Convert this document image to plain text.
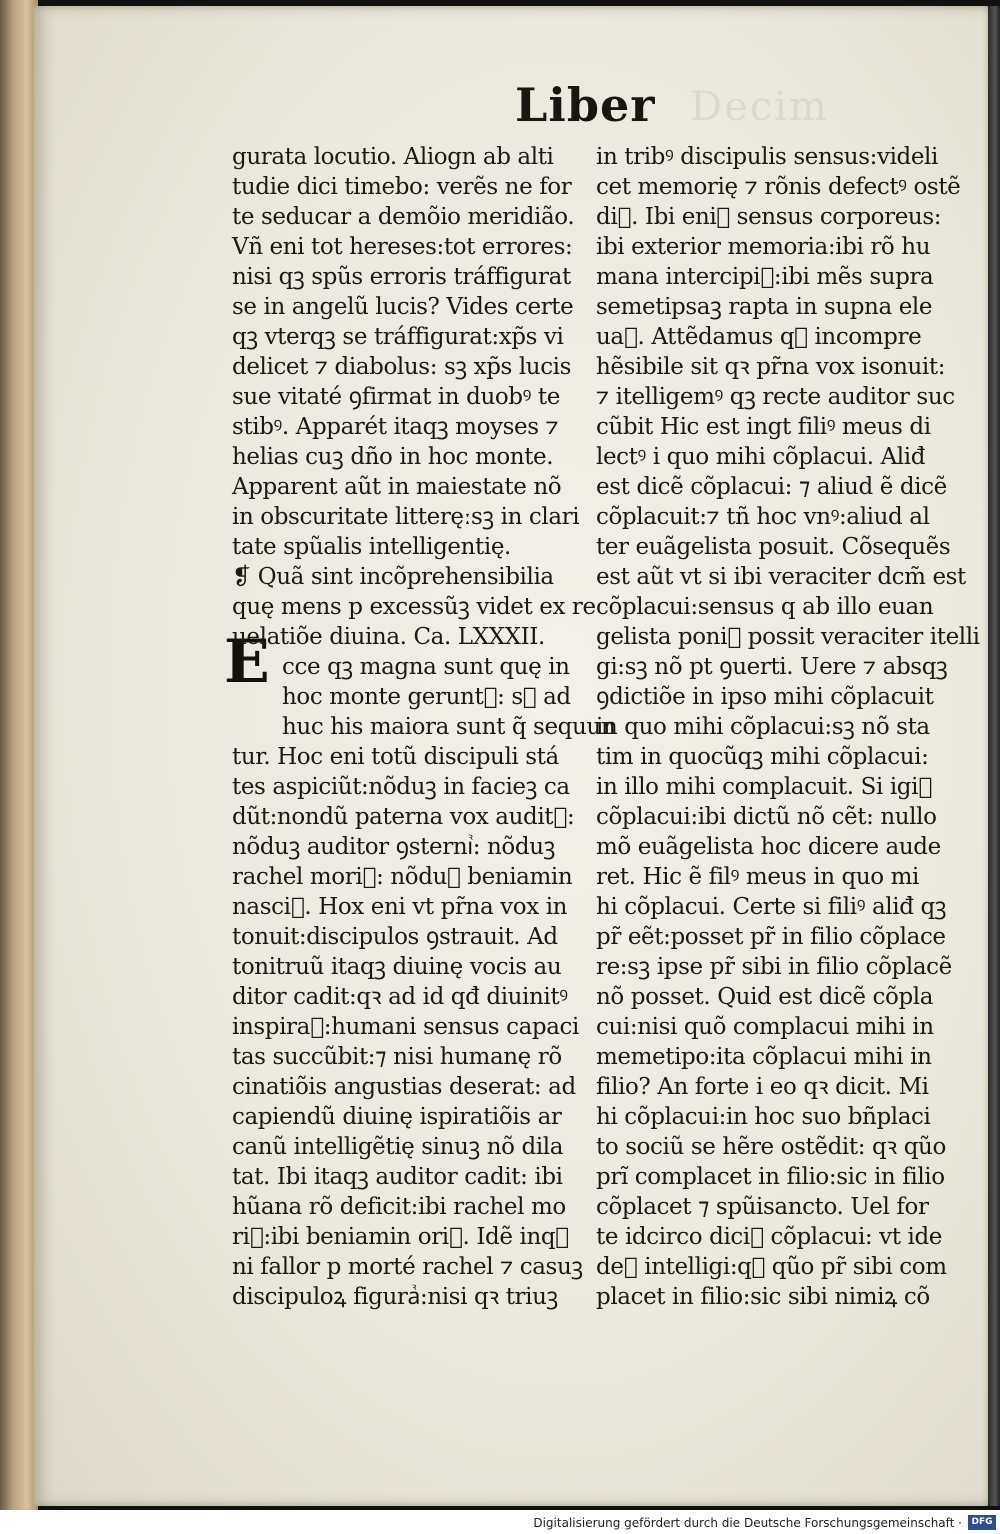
Decim
Liber
E
gurata locutio. Aliogn ab alti
tudie dici timebo: verẽs ne for
te seducar a demõio meridião.
Vñ eni tot hereses:tot errores:
nisi qꝫ spũs erroris tráffigurat
se in angelũ lucis? Vides certe
qꝫ vterqꝫ se tráffigurat:xp̃s vi
delicet ⁊ diabolus: sꝫ xp̃s lucis
sue vitaté ꝯfirmat in duobꝰ te
stibꝰ. Apparét itaqꝫ moyses ⁊
helias cuꝫ dño in hoc monte.
Apparent aũt in maiestate nõ
in obscuritate litteręːsꝫ in clari
tate spũalis intelligentię.
❡ Quã sint incõprehensibilia
quę mens p excessũꝫ videt ex re
uelatiõe diuina. Ca. LXXXII.
cce qꝫ magna sunt quę in
hoc monte geruntᷣ: sꝫ ad
huc his maiora sunt q̃ sequun
tur. Hoc eni totũ discipuli stá
tes aspiciũt:nõduꝫ in facieꝫ ca
dũt:nondũ paterna vox auditᷣ:
nõduꝫ auditor ꝯsterniᷣ: nõduꝫ
rachel moriᷣ: nõduꝫ beniamin
nasciᷣ. Hox eni vt pr̃na vox in
tonuit:discipulos ꝯstrauit. Ad
tonitruũ itaqꝫ diuinę vocis au
ditor cadit:qꝛ ad id qđ diuinitꝰ
inspiraᷣ:humani sensus capaci
tas succũbit:⁊ nisi humanę rõ
cinatiõis angustias deserat: ad
capiendũ diuinę ispiratiõis ar
canũ intelligẽtię sinuꝫ nõ dila
tat. Ibi itaqꝫ auditor cadit: ibi
hũana rõ deficit:ibi rachel mo
riᷣ:ibi beniamin oriᷣ. Idẽ inqꝫ
ni fallor p morté rachel ⁊ casuꝫ
discipuloꝝ figuraᷣ:nisi qꝛ triuꝫ
in tribꝰ discipulis sensus:videli
cet memorię ⁊ rõnis defectꝰ ostẽ
diᷣ. Ibi eniꝫ sensus corporeus:
ibi exterior memoria:ibi rõ hu
mana intercipiᷣ:ibi mẽs supra
semetipsaꝫ rapta in supna ele
uaᷣ. Attẽdamus qꝫ incompre
hẽsibile sit qꝛ pr̃na vox isonuit:
⁊ itelligemꝰ qꝫ recte auditor suc
cũbit Hic est ingt filiꝰ meus di
lectꝰ i quo mihi cõplacui. Aliđ
est dicẽ cõplacui: ⁊ aliud ẽ dicẽ
cõplacuit:⁊ tñ hoc vnꝰ:aliud al
ter euãgelista posuit. Cõsequẽs
est aũt vt si ibi veraciter dcm̃ est
cõplacui:sensus q ab illo euan
gelista poniᷣ possit veraciter itelli
gi:sꝫ nõ pt ꝯuerti. Uere ⁊ absqꝫ
ꝯdictiõe in ipso mihi cõplacuit
in quo mihi cõplacui:sꝫ nõ sta
tim in quocũqꝫ mihi cõplacui:
in illo mihi complacuit. Si igiᷣ
cõplacui:ibi dictũ nõ cẽt: nullo
mõ euãgelista hoc dicere aude
ret. Hic ẽ filꝰ meus in quo mi
hi cõplacui. Certe si filiꝰ aliđ qꝫ
pr̃ eẽt:posset pr̃ in filio cõplace
re:sꝫ ipse pr̃ sibi in filio cõplacẽ
nõ posset. Quid est dicẽ cõpla
cui:nisi quõ complacui mihi in
memetipo:ita cõplacui mihi in
filio? An forte i eo qꝛ dicit. Mi
hi cõplacui:in hoc suo bñplaci
to sociũ se hẽre ostẽdit: qꝛ qũo
prĩ complacet in filio:sic in filio
cõplacet ⁊ spũisancto. Uel for
te idcirco diciᷣ cõplacui: vt ide
deᷣ intelligi:qꝛ qũo pr̃ sibi com
placet in filio:sic sibi nimiꝝ cõ
Digitalisierung gefördert durch die Deutsche Forschungsgemeinschaft ·	DFG
